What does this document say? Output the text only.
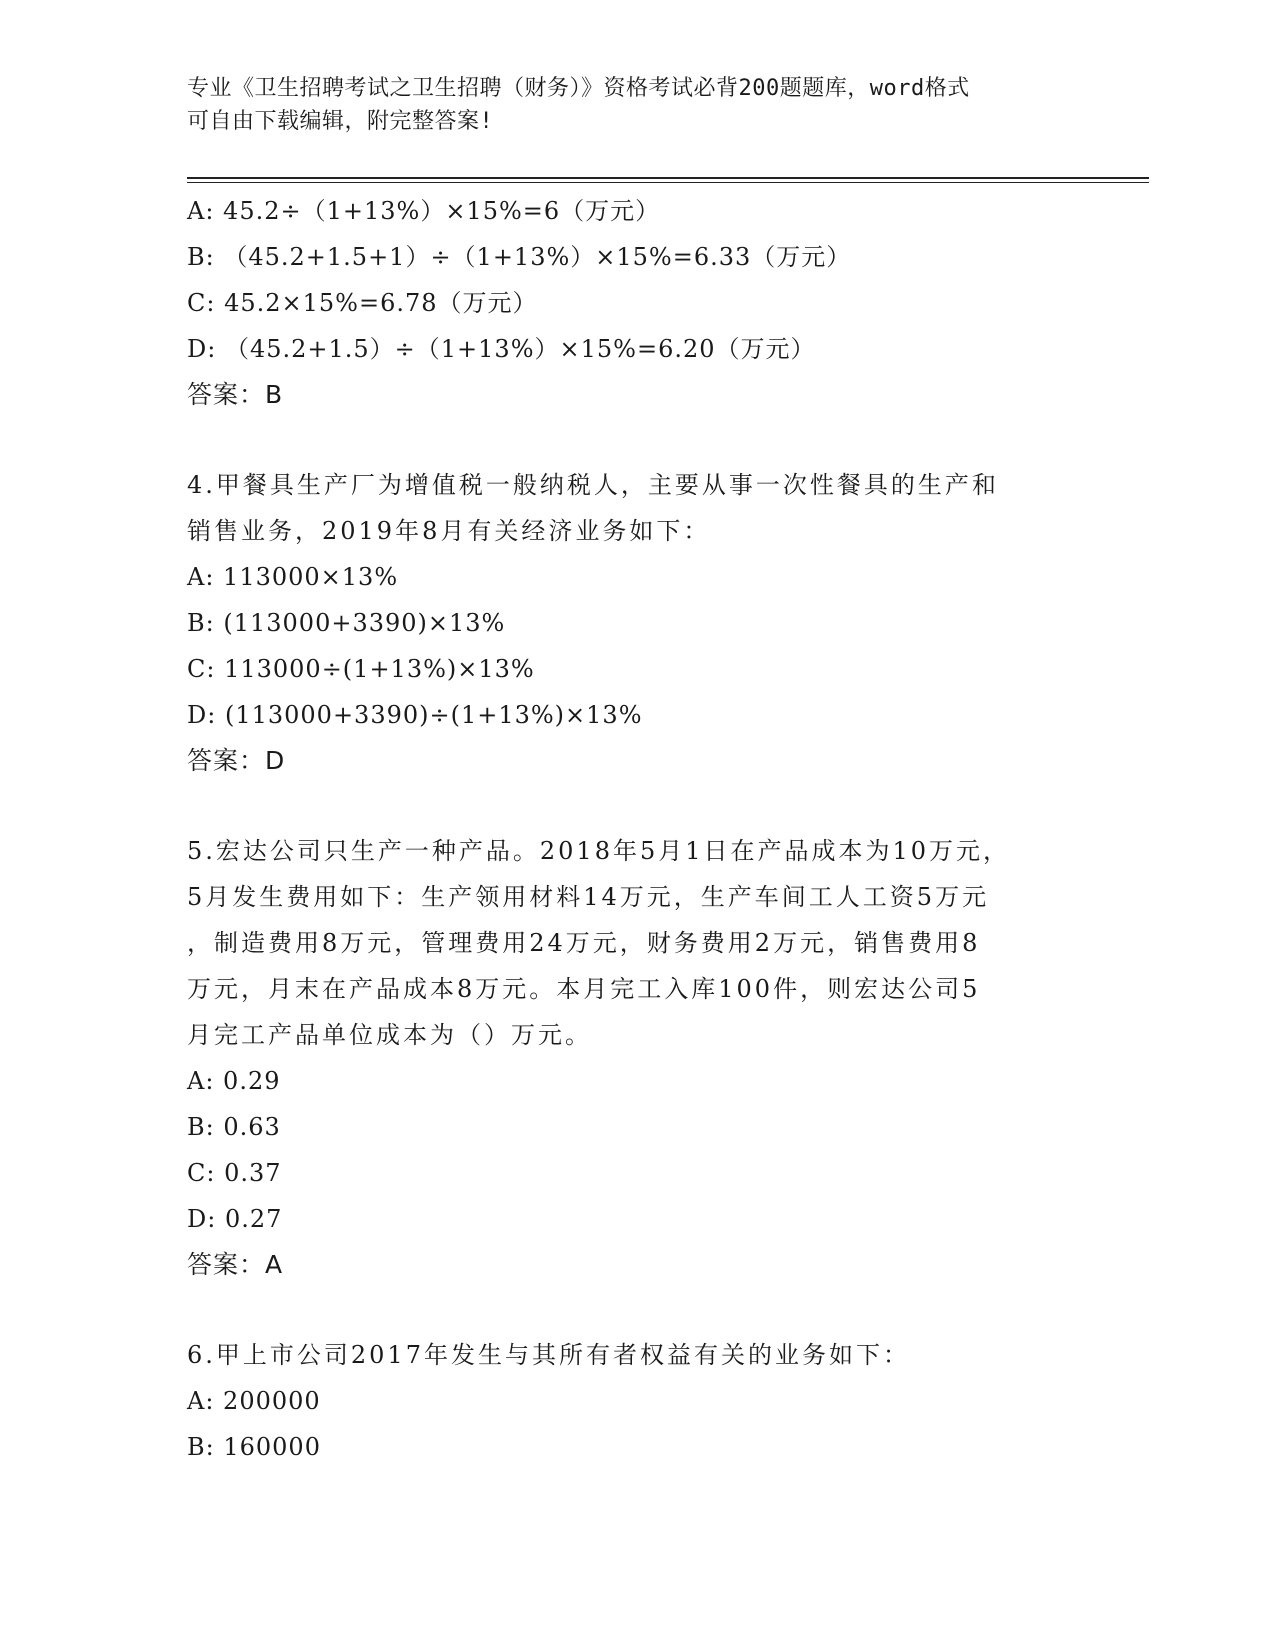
专业《卫生招聘考试之卫生招聘（财务）》资格考试必背200题题库，word格式
可自由下载编辑，附完整答案!
A: 45.2÷（1+13%）×15%=6（万元）
B: （45.2+1.5+1）÷（1+13%）×15%=6.33（万元）
C: 45.2×15%=6.78（万元）
D: （45.2+1.5）÷（1+13%）×15%=6.20（万元）
答案：B
4.甲餐具生产厂为增值税一般纳税人，主要从事一次性餐具的生产和
销售业务，2019年8月有关经济业务如下：
A: 113000×13%
B: (113000+3390)×13%
C: 113000÷(1+13%)×13%
D: (113000+3390)÷(1+13%)×13%
答案：D
5.宏达公司只生产一种产品。2018年5月1日在产品成本为10万元，
5月发生费用如下：生产领用材料14万元，生产车间工人工资5万元
，制造费用8万元，管理费用24万元，财务费用2万元，销售费用8
万元，月末在产品成本8万元。本月完工入库100件，则宏达公司5
月完工产品单位成本为（）万元。
A: 0.29
B: 0.63
C: 0.37
D: 0.27
答案：A
6.甲上市公司2017年发生与其所有者权益有关的业务如下：
A: 200000
B: 160000
